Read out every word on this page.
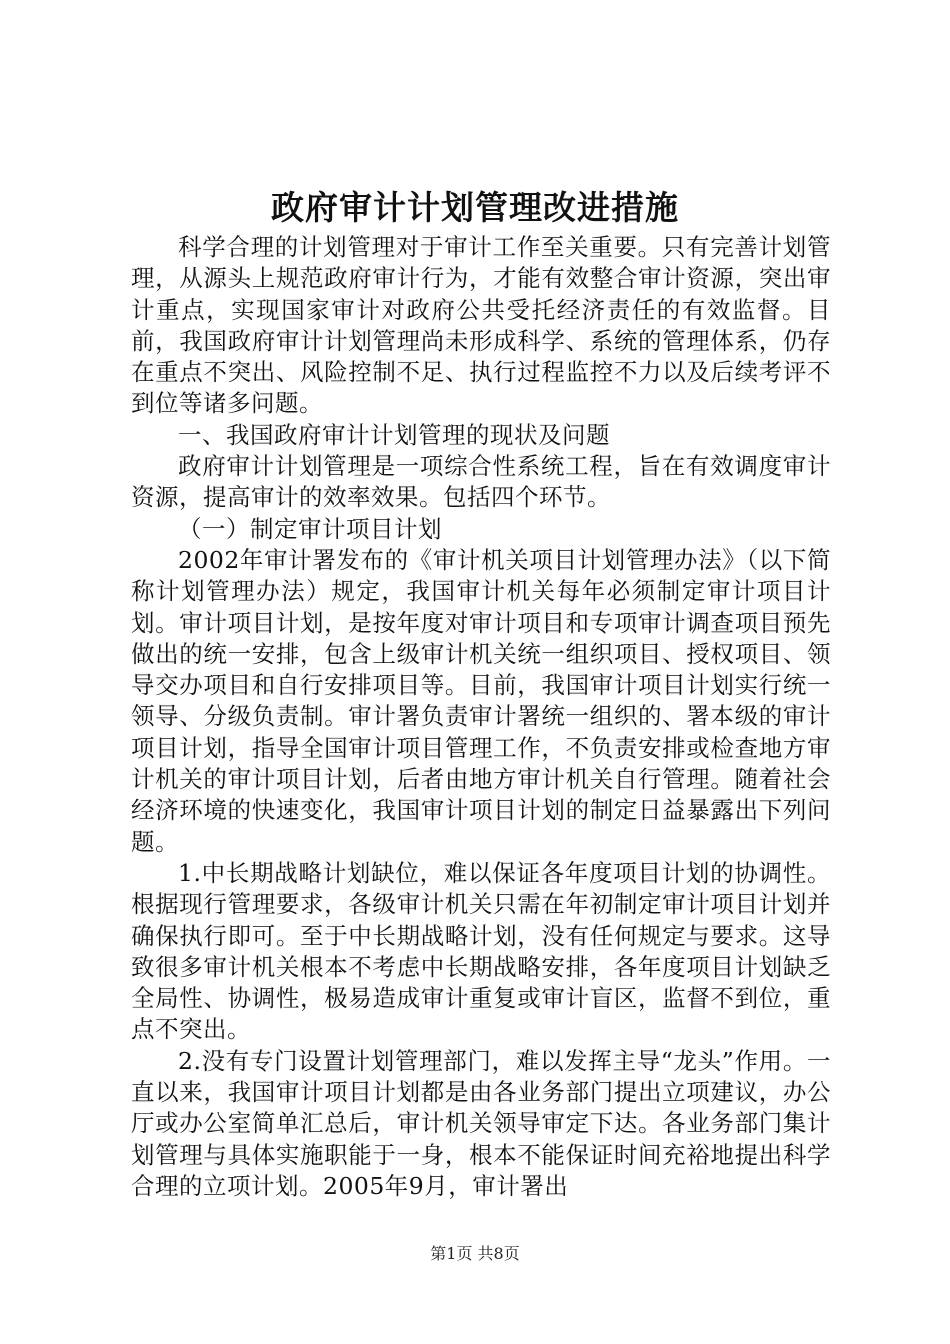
政府审计计划管理改进措施

科学合理的计划管理对于审计工作至关重要。只有完善计划管理，从源头上规范政府审计行为，才能有效整合审计资源，突出审计重点，实现国家审计对政府公共受托经济责任的有效监督。目前，我国政府审计计划管理尚未形成科学、系统的管理体系，仍存在重点不突出、风险控制不足、执行过程监控不力以及后续考评不到位等诸多问题。

一、我国政府审计计划管理的现状及问题

政府审计计划管理是一项综合性系统工程，旨在有效调度审计资源，提高审计的效率效果。包括四个环节。

（一）制定审计项目计划

2002年审计署发布的《审计机关项目计划管理办法》（以下简称计划管理办法）规定，我国审计机关每年必须制定审计项目计划。审计项目计划，是按年度对审计项目和专项审计调查项目预先做出的统一安排，包含上级审计机关统一组织项目、授权项目、领导交办项目和自行安排项目等。目前，我国审计项目计划实行统一领导、分级负责制。审计署负责审计署统一组织的、署本级的审计项目计划，指导全国审计项目管理工作，不负责安排或检查地方审计机关的审计项目计划，后者由地方审计机关自行管理。随着社会经济环境的快速变化，我国审计项目计划的制定日益暴露出下列问题。

1.中长期战略计划缺位，难以保证各年度项目计划的协调性。根据现行管理要求，各级审计机关只需在年初制定审计项目计划并确保执行即可。至于中长期战略计划，没有任何规定与要求。这导致很多审计机关根本不考虑中长期战略安排，各年度项目计划缺乏全局性、协调性，极易造成审计重复或审计盲区，监督不到位，重点不突出。

2.没有专门设置计划管理部门，难以发挥主导“龙头”作用。一直以来，我国审计项目计划都是由各业务部门提出立项建议，办公厅或办公室简单汇总后，审计机关领导审定下达。各业务部门集计划管理与具体实施职能于一身，根本不能保证时间充裕地提出科学合理的立项计划。2005年9月，审计署出

第1页 共8页
